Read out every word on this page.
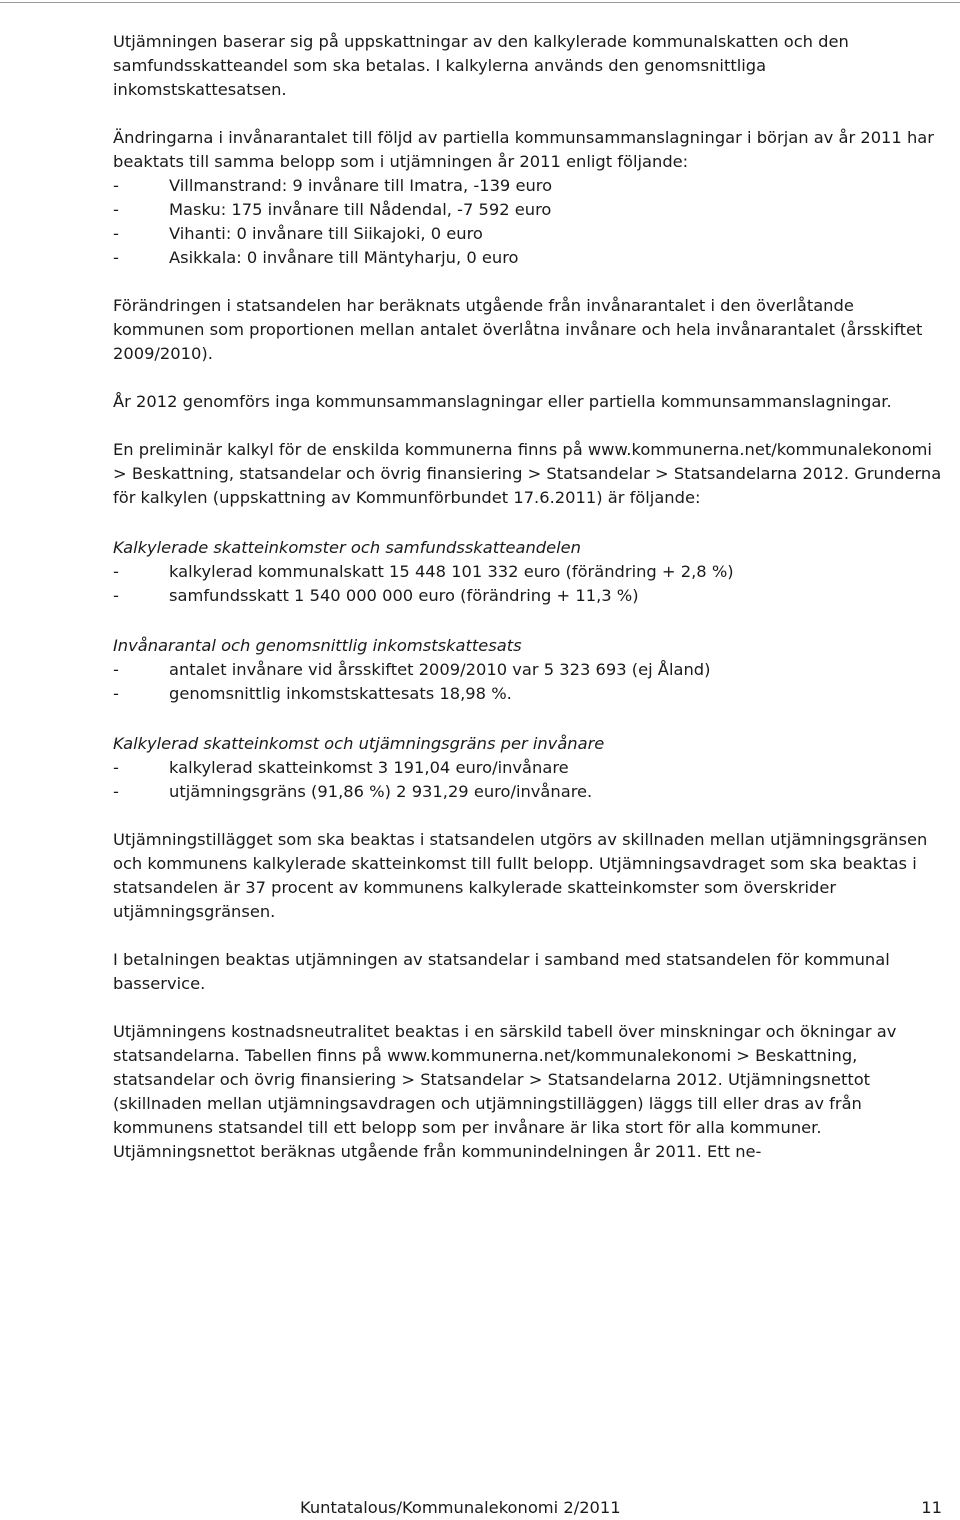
Utjämningen baserar sig på uppskattningar av den kalkylerade kommunalskatten och den samfundsskatteandel som ska betalas. I kalkylerna används den genomsnittliga inkomstskattesatsen.

Ändringarna i invånarantalet till följd av partiella kommunsammanslagningar i början av år 2011 har beaktats till samma belopp som i utjämningen år 2011 enligt följande:

-	Villmanstrand: 9 invånare till Imatra, -139 euro
-	Masku: 175 invånare till Nådendal, -7 592 euro
-	Vihanti: 0 invånare till Siikajoki, 0 euro
-	Asikkala: 0 invånare till Mäntyharju, 0 euro

Förändringen i statsandelen har beräknats utgående från invånarantalet i den överlåtande kommunen som proportionen mellan antalet överlåtna invånare och hela invånarantalet (årsskiftet 2009/2010).

År 2012 genomförs inga kommunsammanslagningar eller partiella kommunsammanslagningar.

En preliminär kalkyl för de enskilda kommunerna finns på www.kommunerna.net/kommunalekonomi > Beskattning, statsandelar och övrig finansiering > Statsandelar > Statsandelarna 2012. Grunderna för kalkylen (uppskattning av Kommunförbundet 17.6.2011) är följande:

Kalkylerade skatteinkomster och samfundsskatteandelen

-	kalkylerad kommunalskatt 15 448 101 332 euro (förändring + 2,8 %)
-	samfundsskatt 1 540 000 000 euro (förändring + 11,3 %)

Invånarantal och genomsnittlig inkomstskattesats

-	antalet invånare vid årsskiftet 2009/2010 var 5 323 693 (ej Åland)
-	genomsnittlig inkomstskattesats 18,98 %.

Kalkylerad skatteinkomst och utjämningsgräns per invånare

-	kalkylerad skatteinkomst 3 191,04 euro/invånare
-	utjämningsgräns (91,86 %) 2 931,29 euro/invånare.

Utjämningstillägget som ska beaktas i statsandelen utgörs av skillnaden mellan utjämningsgränsen och kommunens kalkylerade skatteinkomst till fullt belopp. Utjämningsavdraget som ska beaktas i statsandelen är 37 procent av kommunens kalkylerade skatteinkomster som överskrider utjämningsgränsen.

I betalningen beaktas utjämningen av statsandelar i samband med statsandelen för kommunal basservice.

Utjämningens kostnadsneutralitet beaktas i en särskild tabell över minskningar och ökningar av statsandelarna. Tabellen finns på www.kommunerna.net/kommunalekonomi > Beskattning, statsandelar och övrig finansiering > Statsandelar > Statsandelarna 2012. Utjämningsnettot (skillnaden mellan utjämningsavdragen och utjämningstilläggen) läggs till eller dras av från kommunens statsandel till ett belopp som per invånare är lika stort för alla kommuner. Utjämningsnettot beräknas utgående från kommunindelningen år 2011. Ett ne-

Kuntatalous/Kommunalekonomi 2/2011	11
